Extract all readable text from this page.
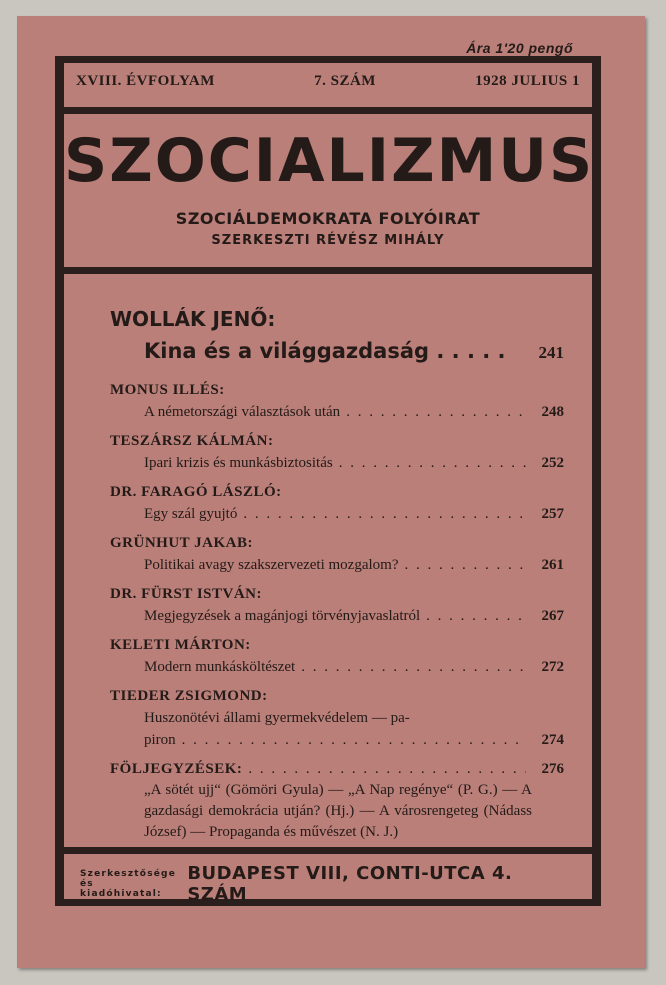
Ára 1'20 pengő
XVIII. ÉVFOLYAM	7. SZÁM	1928 JULIUS 1
SZOCIALIZMUS
SZOCIÁLDEMOKRATA FOLYÓIRAT
SZERKESZTI RÉVÉSZ MIHÁLY
WOLLÁK JENŐ:
Kina és a világgazdaság . . . . . 241
MONUS ILLÉS:
A németországi választások után . . .	248
TESZÁRSZ KÁLMÁN:
Ipari krizis és munkásbiztositás . . .	252
DR. FARAGÓ LÁSZLÓ:
Egy szál gyujtó . . .	257
GRÜNHUT JAKAB:
Politikai avagy szakszervezeti mozgalom? . . .	261
DR. FÜRST ISTVÁN:
Megjegyzések a magánjogi törvényjavaslatról . . .	267
KELETI MÁRTON:
Modern munkásköltészet . . .	272
TIEDER ZSIGMOND:
Huszonötévi állami gyermekvédelem — pa-
piron . . .	274
FÖLJEGYZÉSEK: . . .	276
„A sötét ujj“ (Gömöri Gyula) — „A Nap regénye“ (P. G.) — A gazdasági demokrácia utján? (Hj.) — A városrengeteg (Nádass József) — Propaganda és művészet (N. J.)
Szerkesztősége
és kiadóhivatal:
BUDAPEST VIII, CONTI-UTCA 4. SZÁM
